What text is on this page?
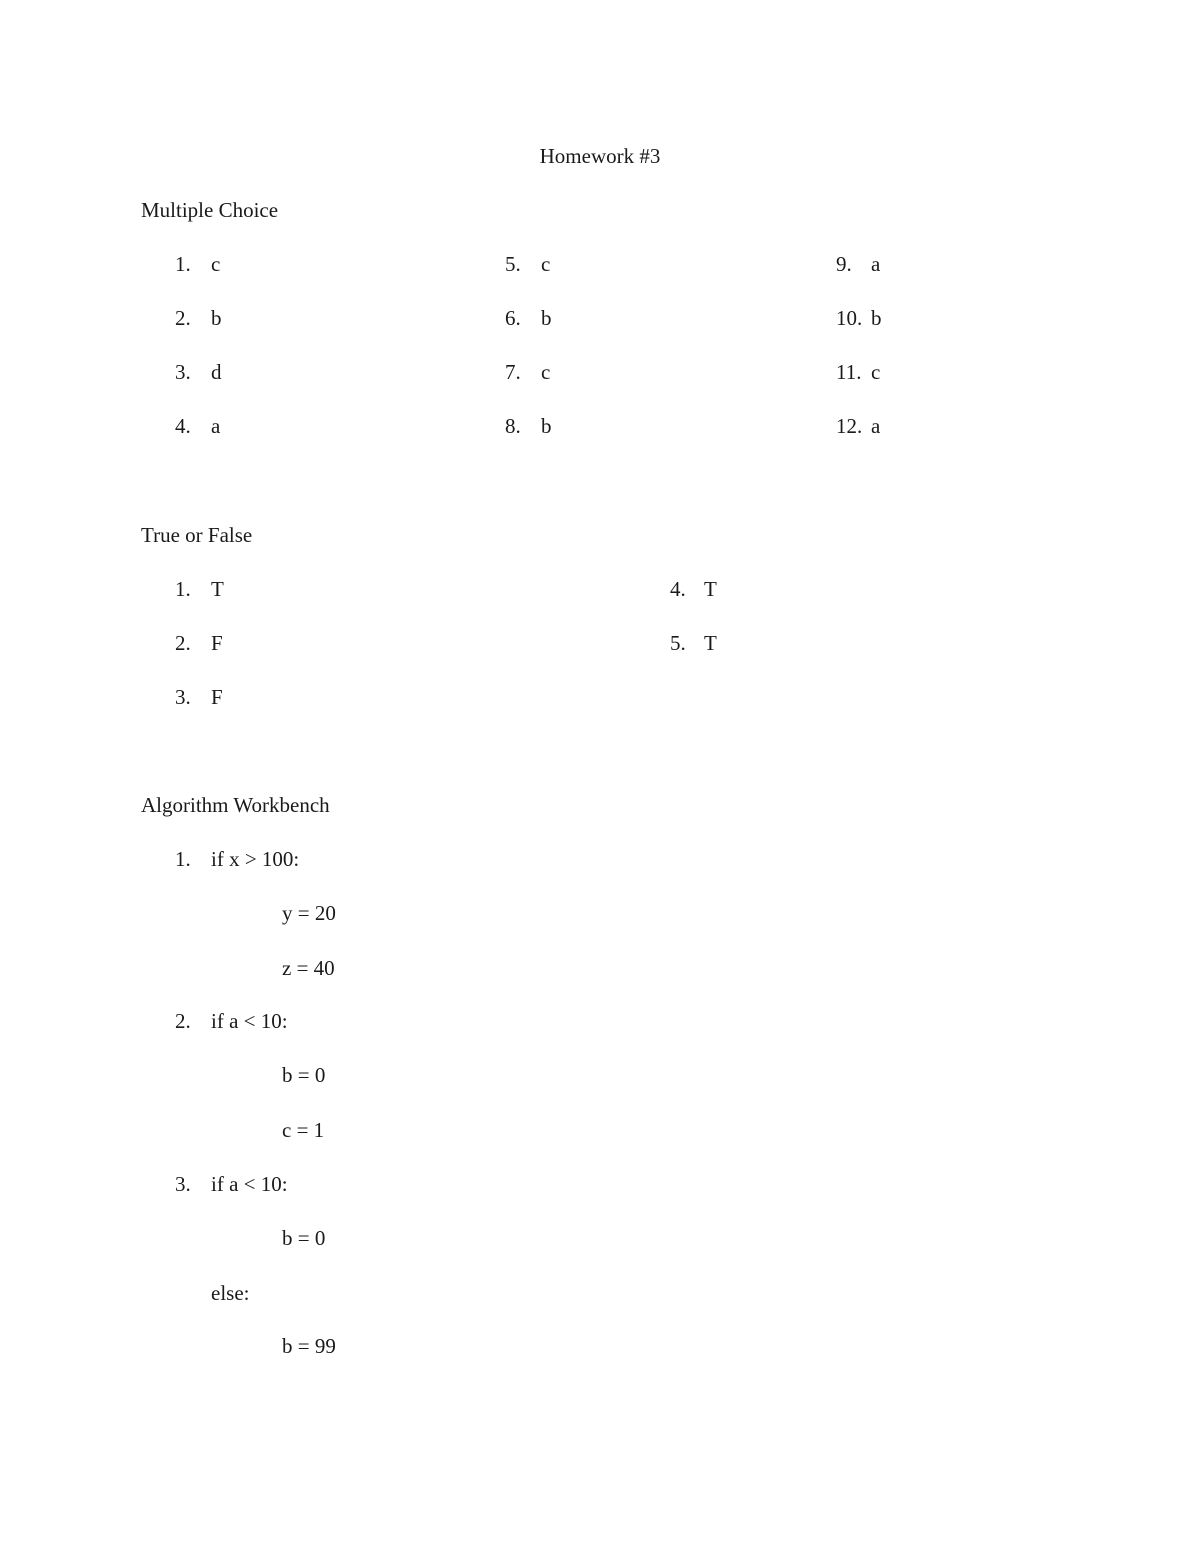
Homework #3
Multiple Choice
1. c
2. b
3. d
4. a
5. c
6. b
7. c
8. b
9. a
10. b
11. c
12. a
True or False
1. T
2. F
3. F
4. T
5. T
Algorithm Workbench
1. if x > 100:
y = 20
z = 40
2. if a < 10:
b = 0
c = 1
3. if a < 10:
b = 0
else:
b = 99
